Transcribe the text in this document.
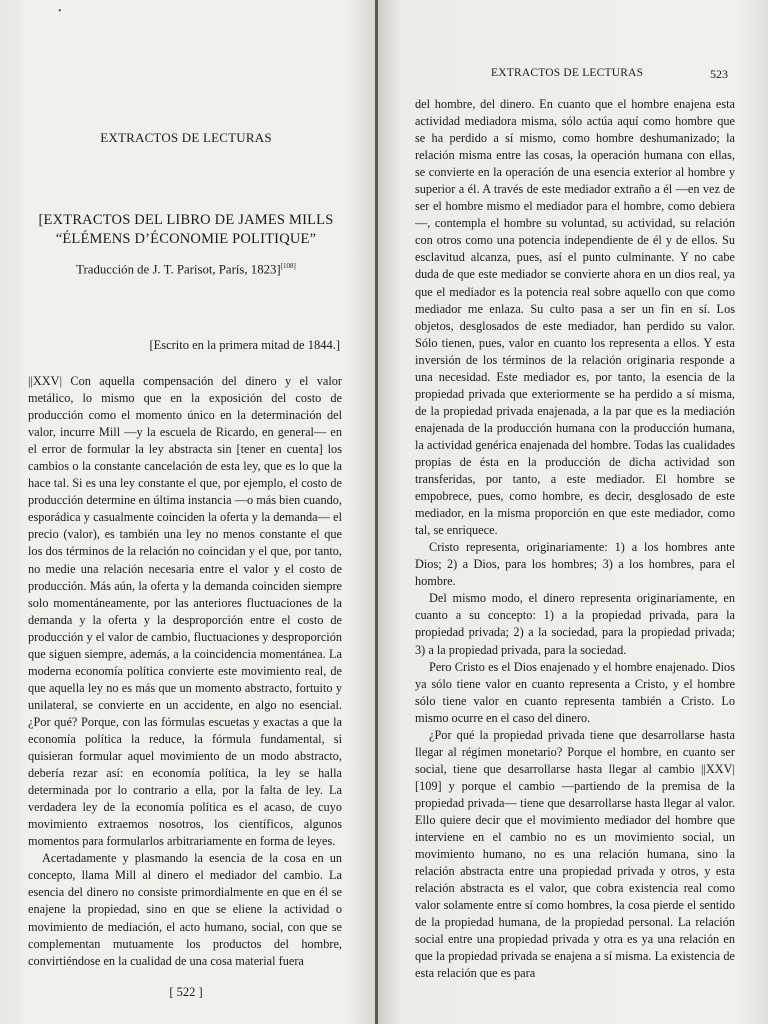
•
EXTRACTOS DE LECTURAS
[EXTRACTOS DEL LIBRO DE JAMES MILLS
“ÉLÉMENS D’ÉCONOMIE POLITIQUE”
Traducción de J. T. Parisot, París, 1823][108]
[Escrito en la primera mitad de 1844.]

||XXV| Con aquella compensación del dinero y el valor metálico, lo mismo que en la exposición del costo de producción como el momento único en la determinación del valor, incurre Mill —y la escuela de Ricardo, en general— en el error de formular la ley abstracta sin [tener en cuenta] los cambios o la constante cancelación de esta ley, que es lo que la hace tal. Si es una ley constante el que, por ejemplo, el costo de producción determine en última instancia —o más bien cuando, esporádica y casualmente coinciden la oferta y la demanda— el precio (valor), es también una ley no menos constante el que los dos términos de la relación no coincidan y el que, por tanto, no medie una relación necesaria entre el valor y el costo de producción. Más aún, la oferta y la demanda coinciden siempre solo momentáneamente, por las anteriores fluctuaciones de la demanda y la oferta y la desproporción entre el costo de producción y el valor de cambio, fluctuaciones y desproporción que siguen siempre, además, a la coincidencia momentánea. La moderna economía política convierte este movimiento real, de que aquella ley no es más que un momento abstracto, fortuito y unilateral, se convierte en un accidente, en algo no esencial. ¿Por qué? Porque, con las fórmulas escuetas y exactas a que la economía política la reduce, la fórmula fundamental, si quisieran formular aquel movimiento de un modo abstracto, debería rezar así: en economía política, la ley se halla determinada por lo contrario a ella, por la falta de ley. La verdadera ley de la economía política es el acaso, de cuyo movimiento extraemos nosotros, los científicos, algunos momentos para formularlos arbitrariamente en forma de leyes.

Acertadamente y plasmando la esencia de la cosa en un concepto, llama Mill al dinero el mediador del cambio. La esencia del dinero no consiste primordialmente en que en él se enajene la propiedad, sino en que se eliene la actividad o movimiento de mediación, el acto humano, social, con que se complementan mutuamente los productos del hombre, convirtiéndose en la cualidad de una cosa material fuera

[ 522 ]
EXTRACTOS DE LECTURAS	523

del hombre, del dinero. En cuanto que el hombre enajena esta actividad mediadora misma, sólo actúa aquí como hombre que se ha perdido a sí mismo, como hombre deshumanizado; la relación misma entre las cosas, la operación humana con ellas, se convierte en la operación de una esencia exterior al hombre y superior a él. A través de este mediador extraño a él —en vez de ser el hombre mismo el mediador para el hombre, como debiera—, contempla el hombre su voluntad, su actividad, su relación con otros como una potencia independiente de él y de ellos. Su esclavitud alcanza, pues, así el punto culminante. Y no cabe duda de que este mediador se convierte ahora en un dios real, ya que el mediador es la potencia real sobre aquello con que como mediador me enlaza. Su culto pasa a ser un fin en sí. Los objetos, desglosados de este mediador, han perdido su valor. Sólo tienen, pues, valor en cuanto los representa a ellos. Y esta inversión de los términos de la relación originaria responde a una necesidad. Este mediador es, por tanto, la esencia de la propiedad privada que exteriormente se ha perdido a sí misma, de la propiedad privada enajenada, a la par que es la mediación enajenada de la producción humana con la producción humana, la actividad genérica enajenada del hombre. Todas las cualidades propias de ésta en la producción de dicha actividad son transferidas, por tanto, a este mediador. El hombre se empobrece, pues, como hombre, es decir, desglosado de este mediador, en la misma proporción en que este mediador, como tal, se enriquece.

Cristo representa, originariamente: 1) a los hombres ante Dios; 2) a Dios, para los hombres; 3) a los hombres, para el hombre.

Del mismo modo, el dinero representa originariamente, en cuanto a su concepto: 1) a la propiedad privada, para la propiedad privada; 2) a la sociedad, para la propiedad privada; 3) a la propiedad privada, para la sociedad.

Pero Cristo es el Dios enajenado y el hombre enajenado. Dios ya sólo tiene valor en cuanto representa a Cristo, y el hombre sólo tiene valor en cuanto representa también a Cristo. Lo mismo ocurre en el caso del dinero.

¿Por qué la propiedad privada tiene que desarrollarse hasta llegar al régimen monetario? Porque el hombre, en cuanto ser social, tiene que desarrollarse hasta llegar al cambio ||XXV| [109] y porque el cambio —partiendo de la premisa de la propiedad privada— tiene que desarrollarse hasta llegar al valor. Ello quiere decir que el movimiento mediador del hombre que interviene en el cambio no es un movimiento social, un movimiento humano, no es una relación humana, sino la relación abstracta entre una propiedad privada y otros, y esta relación abstracta es el valor, que cobra existencia real como valor solamente entre sí como hombres, la cosa pierde el sentido de la propiedad humana, de la propiedad personal. La relación social entre una propiedad privada y otra es ya una relación en que la propiedad privada se enajena a sí misma. La existencia de esta relación que es para
